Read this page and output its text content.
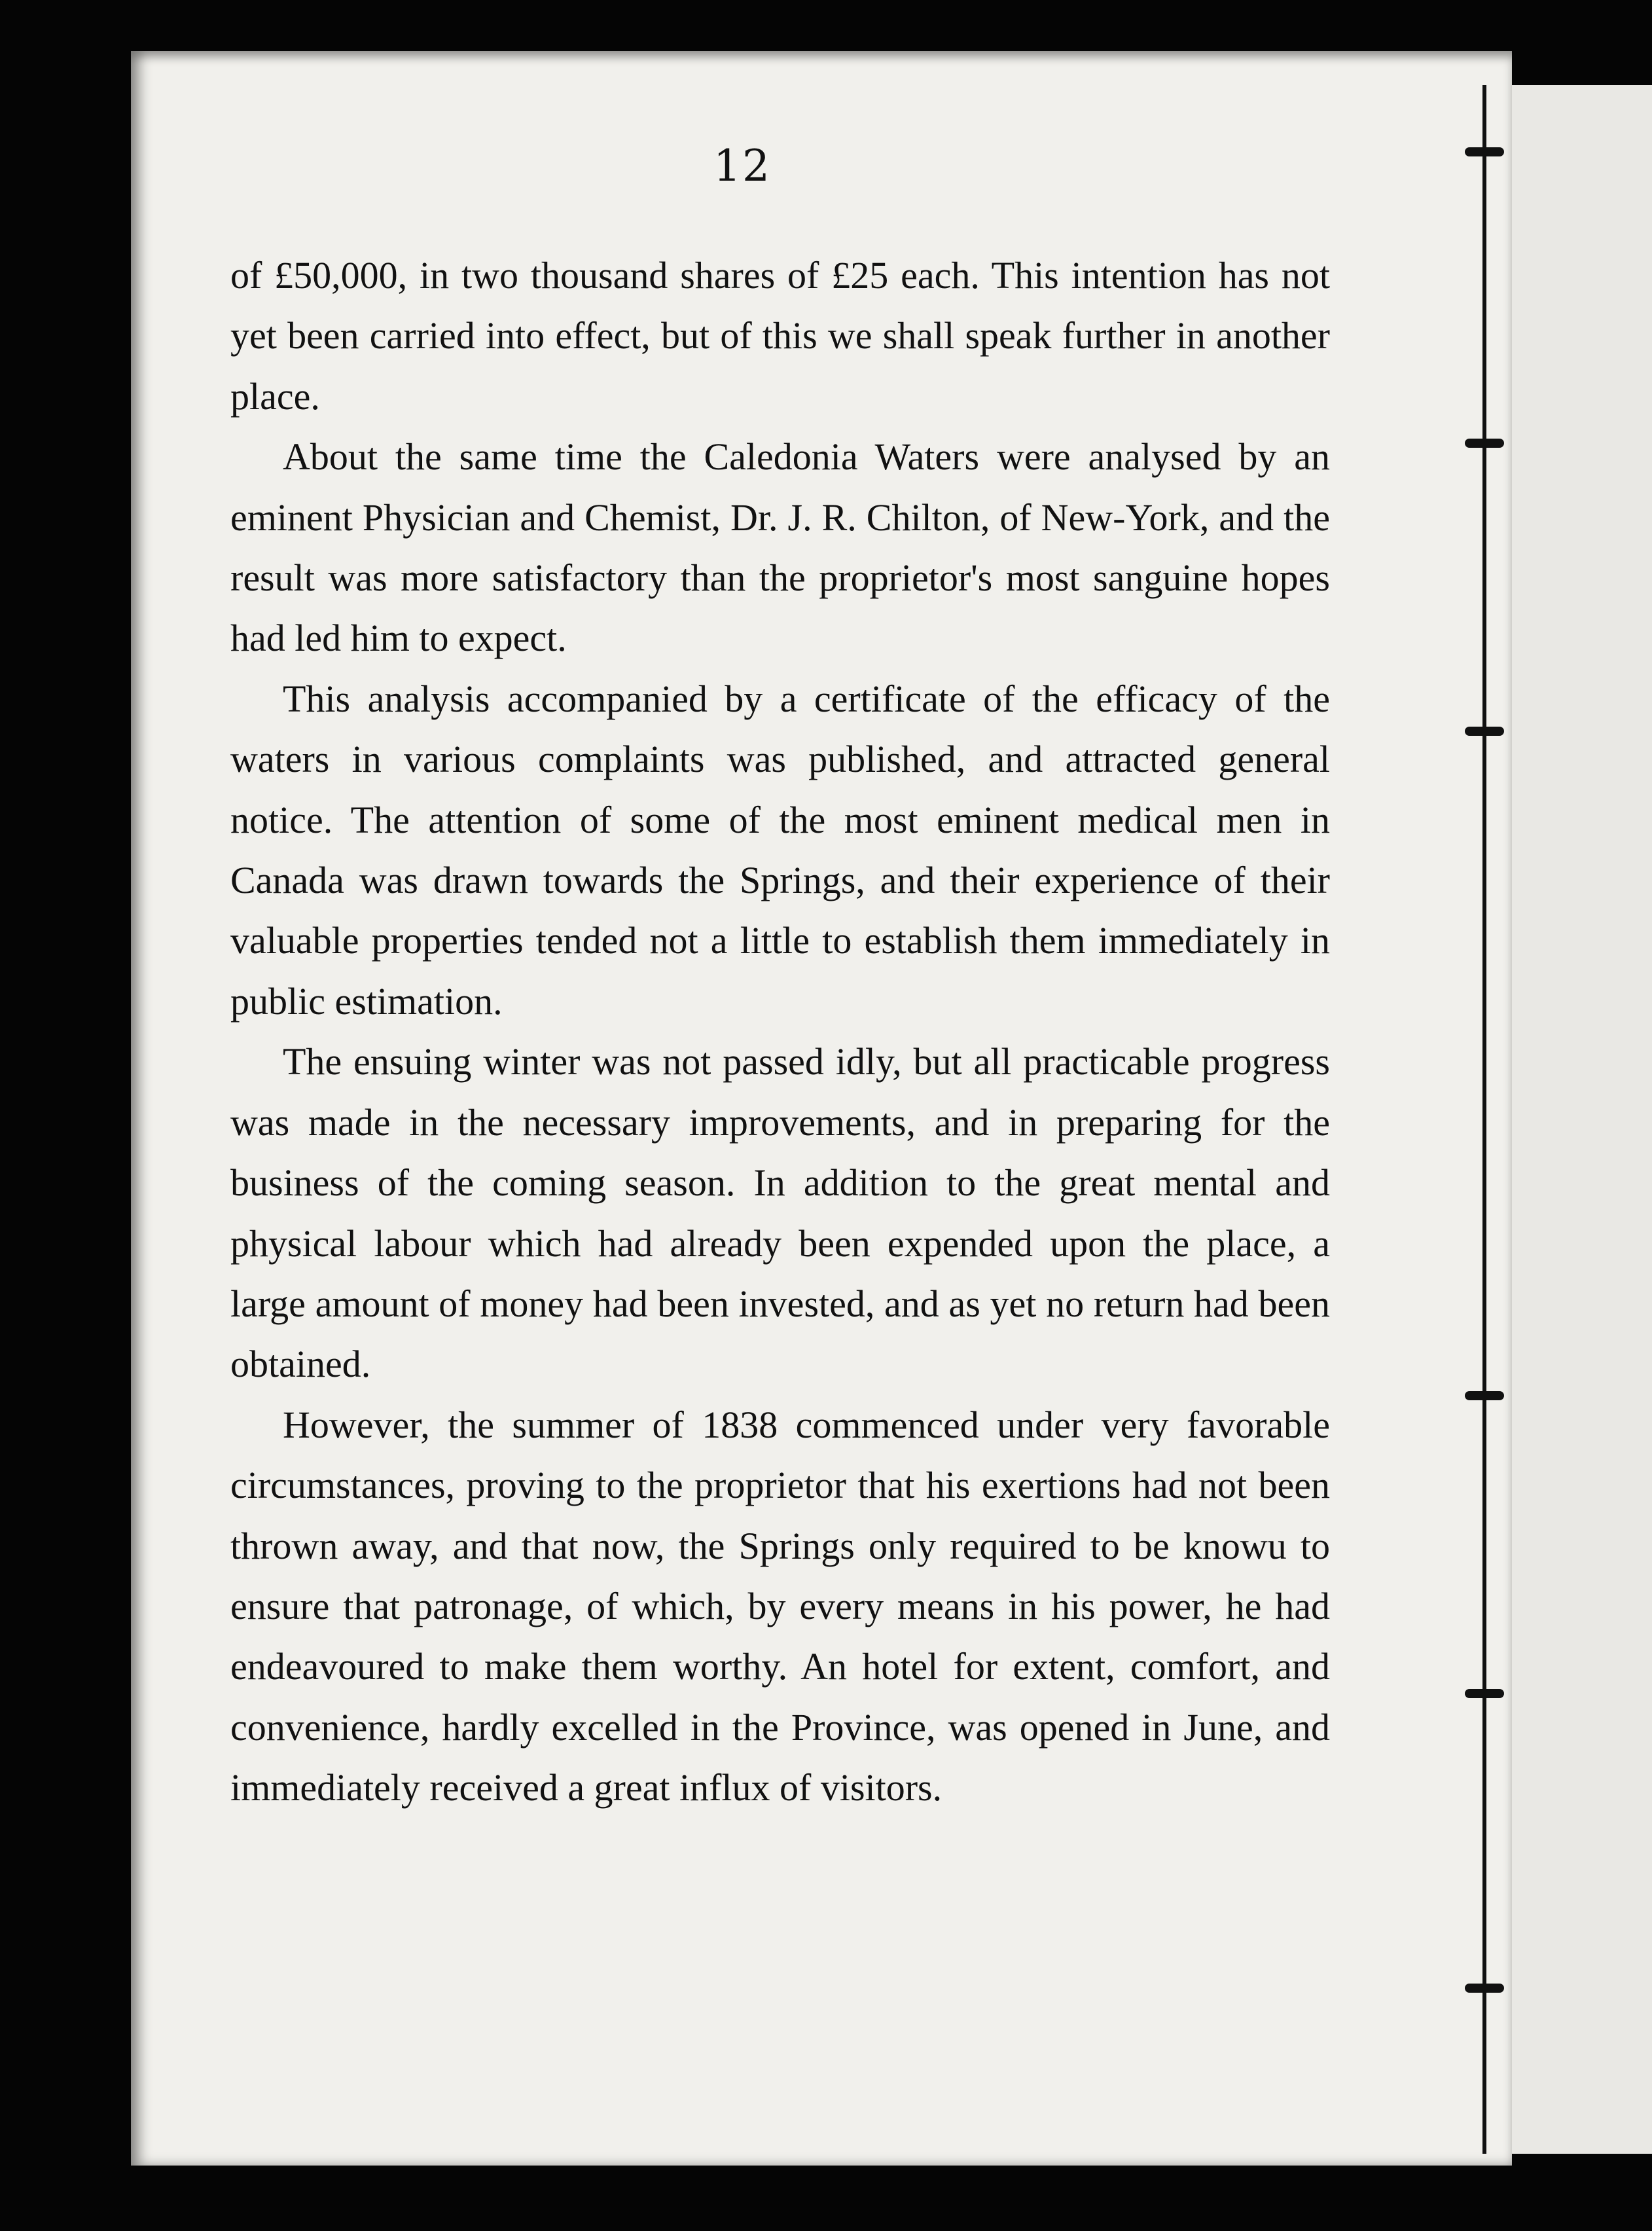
12

of £50,000, in two thousand shares of £25 each. This intention has not yet been carried into effect, but of this we shall speak further in another place.

About the same time the Caledonia Waters were analysed by an eminent Physician and Chemist, Dr. J. R. Chilton, of New-York, and the result was more satisfactory than the proprietor's most sanguine hopes had led him to expect.

This analysis accompanied by a certificate of the efficacy of the waters in various complaints was published, and attracted general notice. The attention of some of the most eminent medical men in Canada was drawn towards the Springs, and their experience of their valuable properties tended not a little to establish them immediately in public estimation.

The ensuing winter was not passed idly, but all practicable progress was made in the necessary improvements, and in preparing for the business of the coming season. In addition to the great mental and physical labour which had already been expended upon the place, a large amount of money had been invested, and as yet no return had been obtained.

However, the summer of 1838 commenced under very favorable circumstances, proving to the proprietor that his exertions had not been thrown away, and that now, the Springs only required to be knowu to ensure that patronage, of which, by every means in his power, he had endeavoured to make them worthy. An hotel for extent, comfort, and convenience, hardly excelled in the Province, was opened in June, and immediately received a great influx of visitors.
